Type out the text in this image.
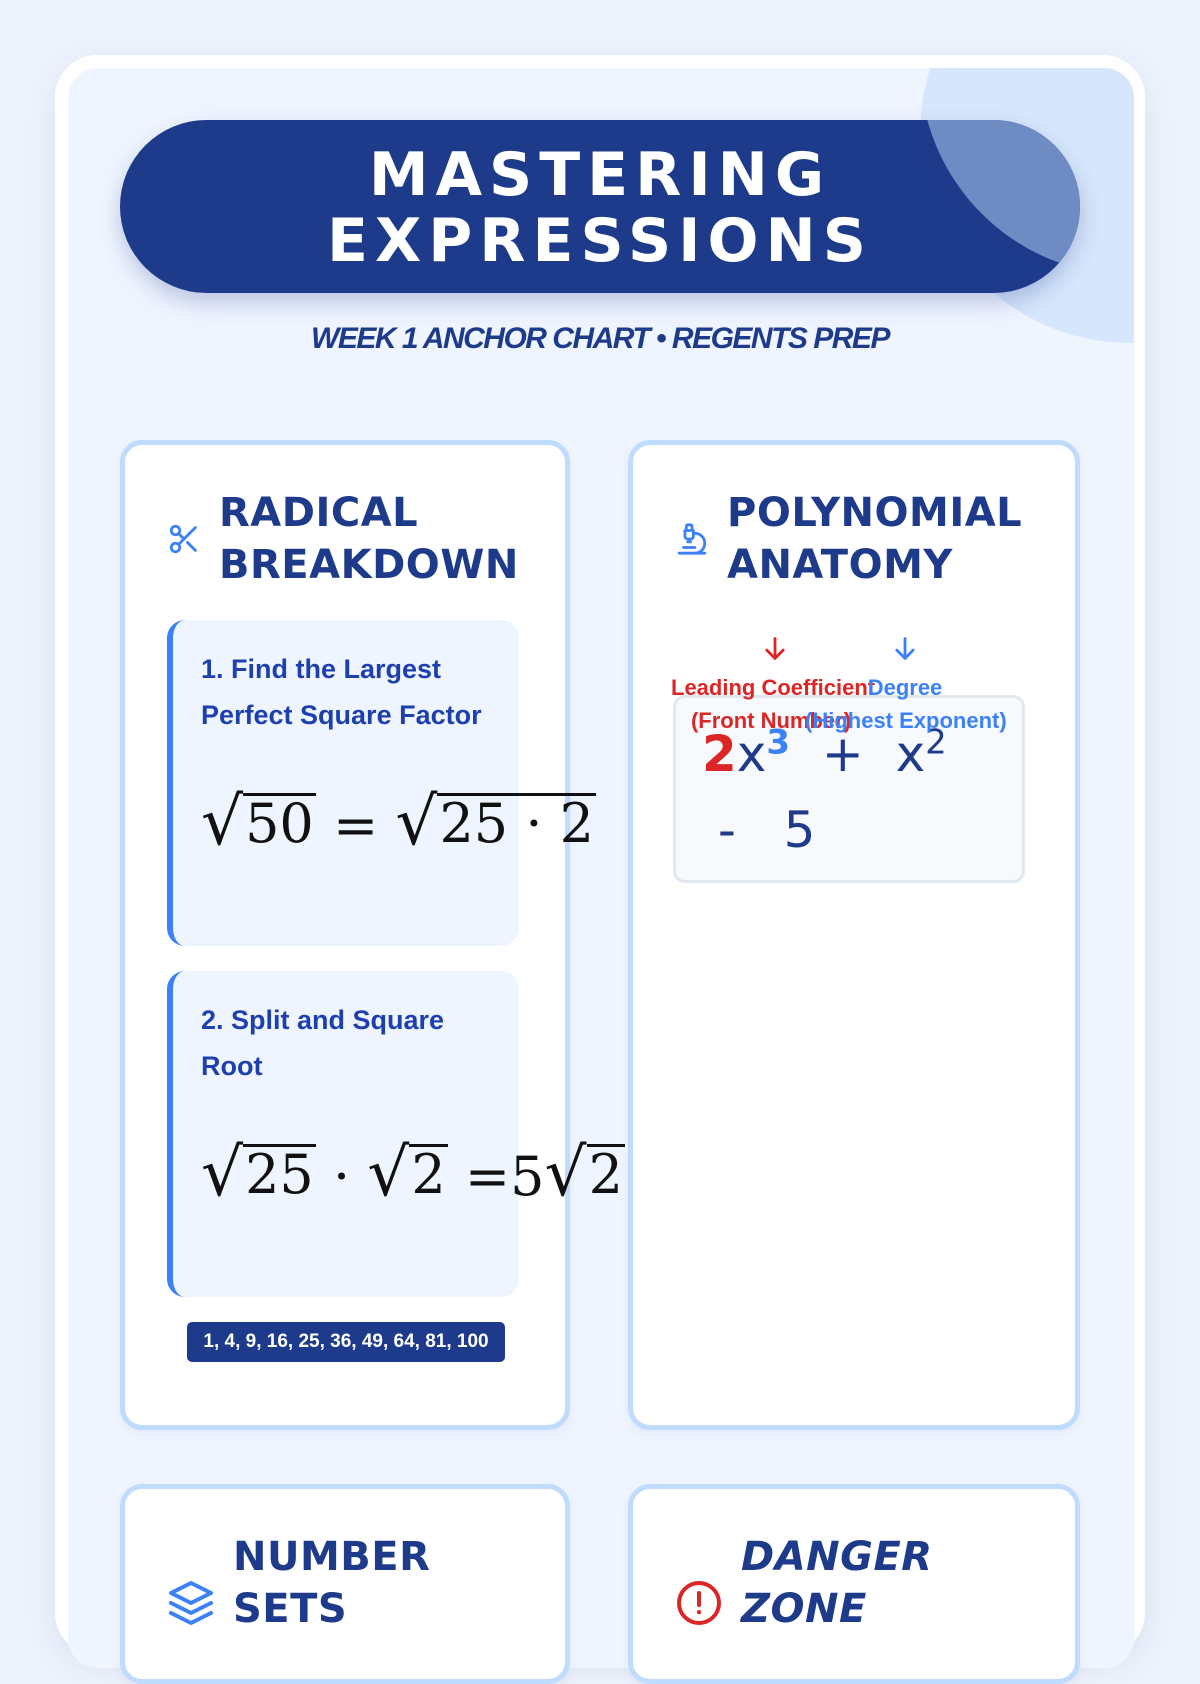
MASTERING
EXPRESSIONS
WEEK 1 ANCHOR CHART • REGENTS PREP
RADICAL
BREAKDOWN
1. Find the Largest Perfect Square Factor
√ 50 = √ 25 · 2
2. Split and Square Root
√ 25 · √ 2 =5 √ 2
1, 4, 9, 16, 25, 36, 49, 64, 81, 100
POLYNOMIAL
ANATOMY
$2x^3 + x^2$
- 5
Leading Coefficient
(Front Number)
Degree
(Highest Exponent)
NUMBER
SETS
DANGER
ZONE
